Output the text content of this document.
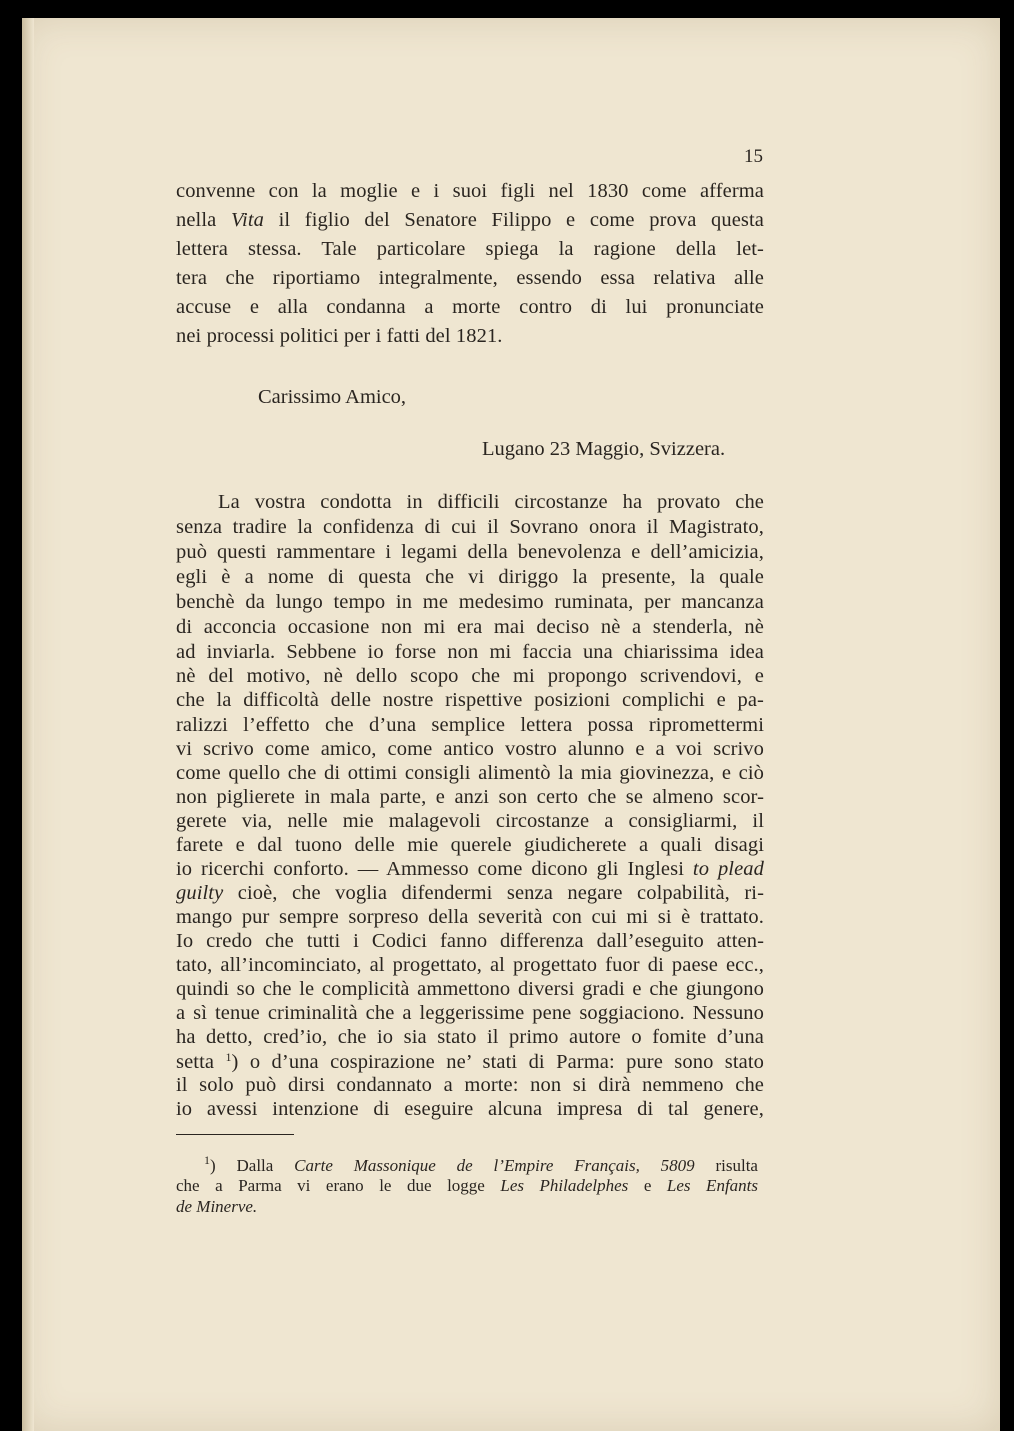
15
convenne con la moglie e i suoi figli nel 1830 come afferma
nella Vita il figlio del Senatore Filippo e come prova questa
lettera stessa. Tale particolare spiega la ragione della let-
tera che riportiamo integralmente, essendo essa relativa alle
accuse e alla condanna a morte contro di lui pronunciate
nei processi politici per i fatti del 1821.
Carissimo Amico,
Lugano 23 Maggio, Svizzera.
La vostra condotta in difficili circostanze ha provato che
senza tradire la confidenza di cui il Sovrano onora il Magistrato,
può questi rammentare i legami della benevolenza e dell’amicizia,
egli è a nome di questa che vi diriggo la presente, la quale
benchè da lungo tempo in me medesimo ruminata, per mancanza
di acconcia occasione non mi era mai deciso nè a stenderla, nè
ad inviarla. Sebbene io forse non mi faccia una chiarissima idea
nè del motivo, nè dello scopo che mi propongo scrivendovi, e
che la difficoltà delle nostre rispettive posizioni complichi e pa-
ralizzi l’effetto che d’una semplice lettera possa ripromettermi
vi scrivo come amico, come antico vostro alunno e a voi scrivo
come quello che di ottimi consigli alimentò la mia giovinezza, e ciò
non piglierete in mala parte, e anzi son certo che se almeno scor-
gerete via, nelle mie malagevoli circostanze a consigliarmi, il
farete e dal tuono delle mie querele giudicherete a quali disagi
io ricerchi conforto. — Ammesso come dicono gli Inglesi to plead
guilty cioè, che voglia difendermi senza negare colpabilità, ri-
mango pur sempre sorpreso della severità con cui mi si è trattato.
Io credo che tutti i Codici fanno differenza dall’eseguito atten-
tato, all’incominciato, al progettato, al progettato fuor di paese ecc.,
quindi so che le complicità ammettono diversi gradi e che giungono
a sì tenue criminalità che a leggerissime pene soggiaciono. Nessuno
ha detto, cred’io, che io sia stato il primo autore o fomite d’una
setta $^1$) o d’una cospirazione ne’ stati di Parma: pure sono stato
il solo può dirsi condannato a morte: non si dirà nemmeno che
io avessi intenzione di eseguire alcuna impresa di tal genere,
$^1$) Dalla Carte Massonique de l’Empire Français, 5809 risulta
che a Parma vi erano le due logge Les Philadelphes e Les Enfants
de Minerve.
